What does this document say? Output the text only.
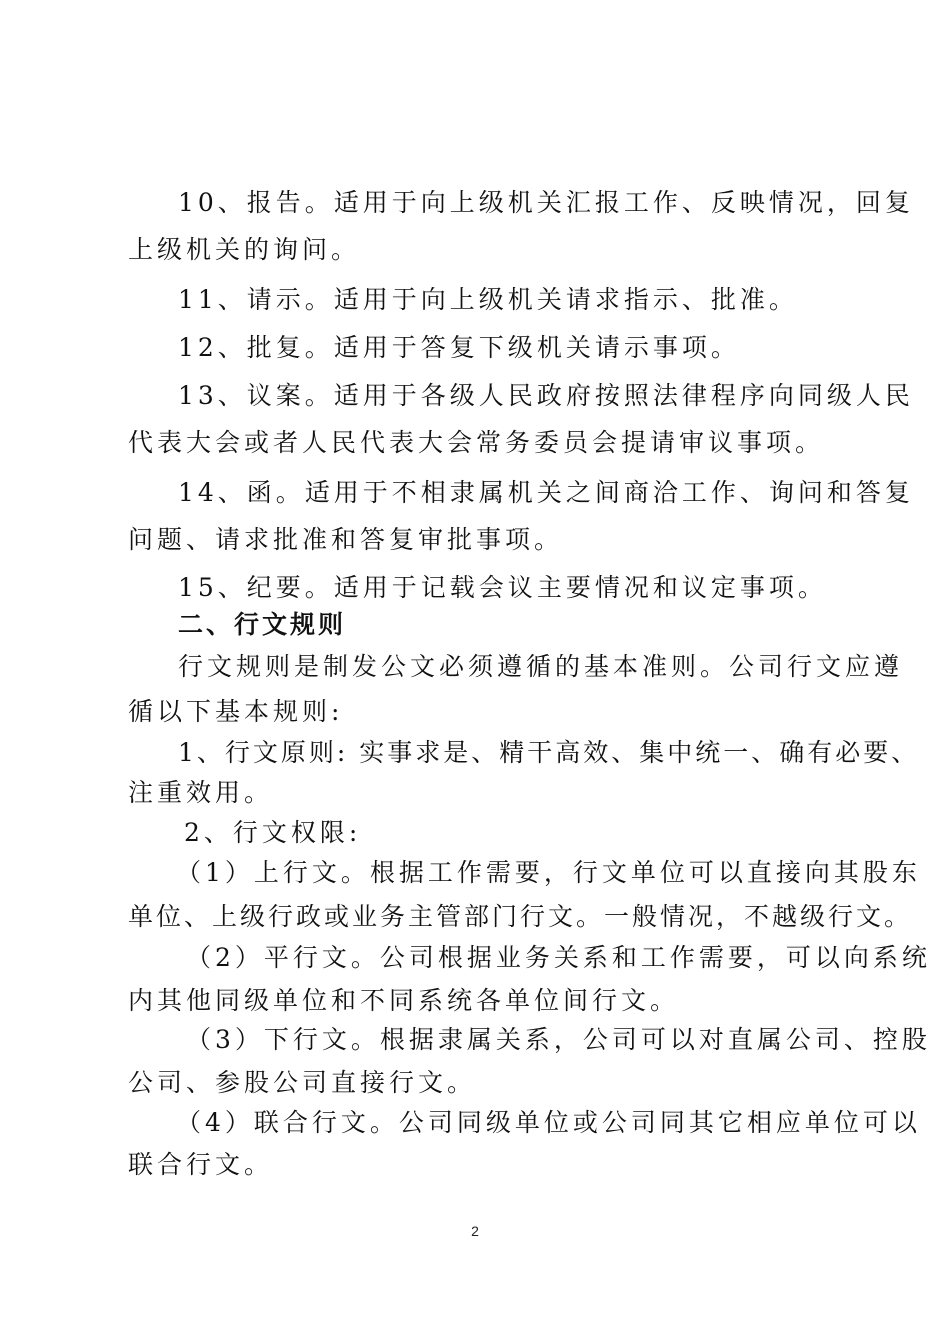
10、报告。适用于向上级机关汇报工作、反映情况，回复
上级机关的询问。
11、请示。适用于向上级机关请求指示、批准。
12、批复。适用于答复下级机关请示事项。
13、议案。适用于各级人民政府按照法律程序向同级人民
代表大会或者人民代表大会常务委员会提请审议事项。
14、函。适用于不相隶属机关之间商洽工作、询问和答复
问题、请求批准和答复审批事项。
15、纪要。适用于记载会议主要情况和议定事项。
二、行文规则
行文规则是制发公文必须遵循的基本准则。公司行文应遵
循以下基本规则:
1、行文原则: 实事求是、精干高效、集中统一、确有必要、
注重效用。
2、行文权限:
（1）上行文。根据工作需要，行文单位可以直接向其股东
单位、上级行政或业务主管部门行文。一般情况，不越级行文。
（2）平行文。公司根据业务关系和工作需要，可以向系统
内其他同级单位和不同系统各单位间行文。
（3）下行文。根据隶属关系，公司可以对直属公司、控股
公司、参股公司直接行文。
（4）联合行文。公司同级单位或公司同其它相应单位可以
联合行文。
2
